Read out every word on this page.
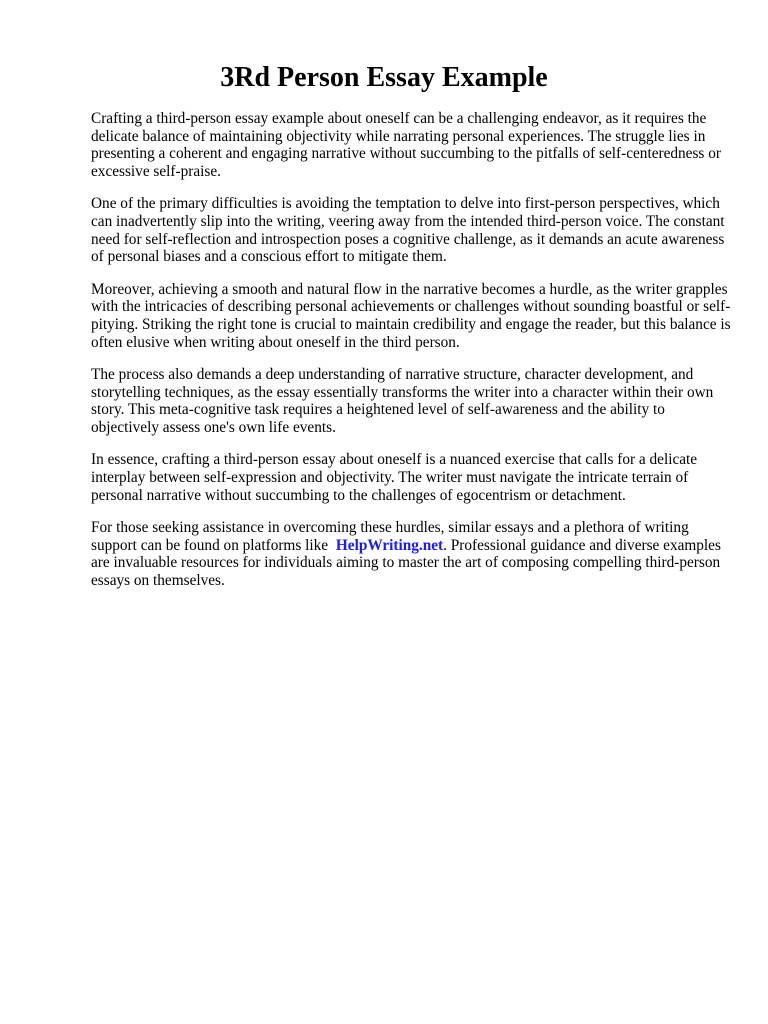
3Rd Person Essay Example

Crafting a third-person essay example about oneself can be a challenging endeavor, as it requires the delicate balance of maintaining objectivity while narrating personal experiences. The struggle lies in presenting a coherent and engaging narrative without succumbing to the pitfalls of self-centeredness or excessive self-praise.

One of the primary difficulties is avoiding the temptation to delve into first-person perspectives, which can inadvertently slip into the writing, veering away from the intended third-person voice. The constant need for self-reflection and introspection poses a cognitive challenge, as it demands an acute awareness of personal biases and a conscious effort to mitigate them.

Moreover, achieving a smooth and natural flow in the narrative becomes a hurdle, as the writer grapples with the intricacies of describing personal achievements or challenges without sounding boastful or self-pitying. Striking the right tone is crucial to maintain credibility and engage the reader, but this balance is often elusive when writing about oneself in the third person.

The process also demands a deep understanding of narrative structure, character development, and storytelling techniques, as the essay essentially transforms the writer into a character within their own story. This meta-cognitive task requires a heightened level of self-awareness and the ability to objectively assess one's own life events.

In essence, crafting a third-person essay about oneself is a nuanced exercise that calls for a delicate interplay between self-expression and objectivity. The writer must navigate the intricate terrain of personal narrative without succumbing to the challenges of egocentrism or detachment.

For those seeking assistance in overcoming these hurdles, similar essays and a plethora of writing support can be found on platforms like HelpWriting.net. Professional guidance and diverse examples are invaluable resources for individuals aiming to master the art of composing compelling third-person essays on themselves.
